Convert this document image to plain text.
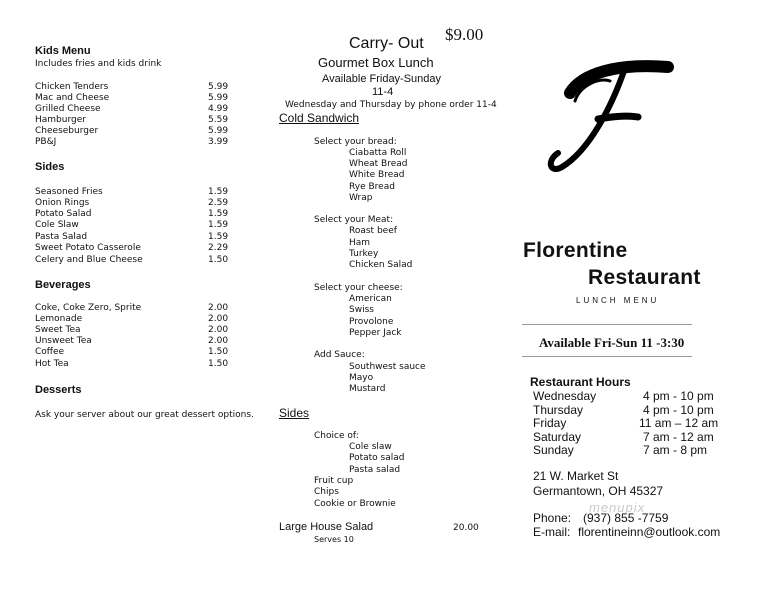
Kids Menu
Includes fries and kids drink
Chicken Tenders	5.99
Mac and Cheese	5.99
Grilled Cheese	4.99
Hamburger	5.59
Cheeseburger	5.99
PB&J	3.99
Sides
Seasoned Fries	1.59
Onion Rings	2.59
Potato Salad	1.59
Cole Slaw	1.59
Pasta Salad	1.59
Sweet Potato Casserole	2.29
Celery and Blue Cheese	1.50
Beverages
Coke, Coke Zero, Sprite	2.00
Lemonade	2.00
Sweet Tea	2.00
Unsweet Tea	2.00
Coffee	1.50
Hot Tea	1.50
Desserts
Ask your server about our great dessert options.
Carry- Out $9.00
Gourmet Box Lunch
Available Friday-Sunday
11-4
Wednesday and Thursday by phone order 11-4
Cold Sandwich
Select your bread:
Ciabatta Roll
Wheat Bread
White Bread
Rye Bread
Wrap
Select your Meat:
Roast beef
Ham
Turkey
Chicken Salad
Select your cheese:
American
Swiss
Provolone
Pepper Jack
Add Sauce:
Southwest sauce
Mayo
Mustard
Sides
Choice of:
Cole slaw
Potato salad
Pasta salad
Fruit cup
Chips
Cookie or Brownie
Large House Salad	20.00
Serves 10
Florentine
Restaurant
LUNCH MENU
Available Fri-Sun 11 -3:30
Restaurant Hours
Wednesday	4 pm - 10 pm
Thursday	4 pm - 10 pm
Friday	11 am – 12 am
Saturday	7 am - 12 am
Sunday	7 am - 8 pm
21 W. Market St
Germantown, OH 45327
menupix
Phone: (937) 855 -7759
E-mail: florentineinn@outlook.com
